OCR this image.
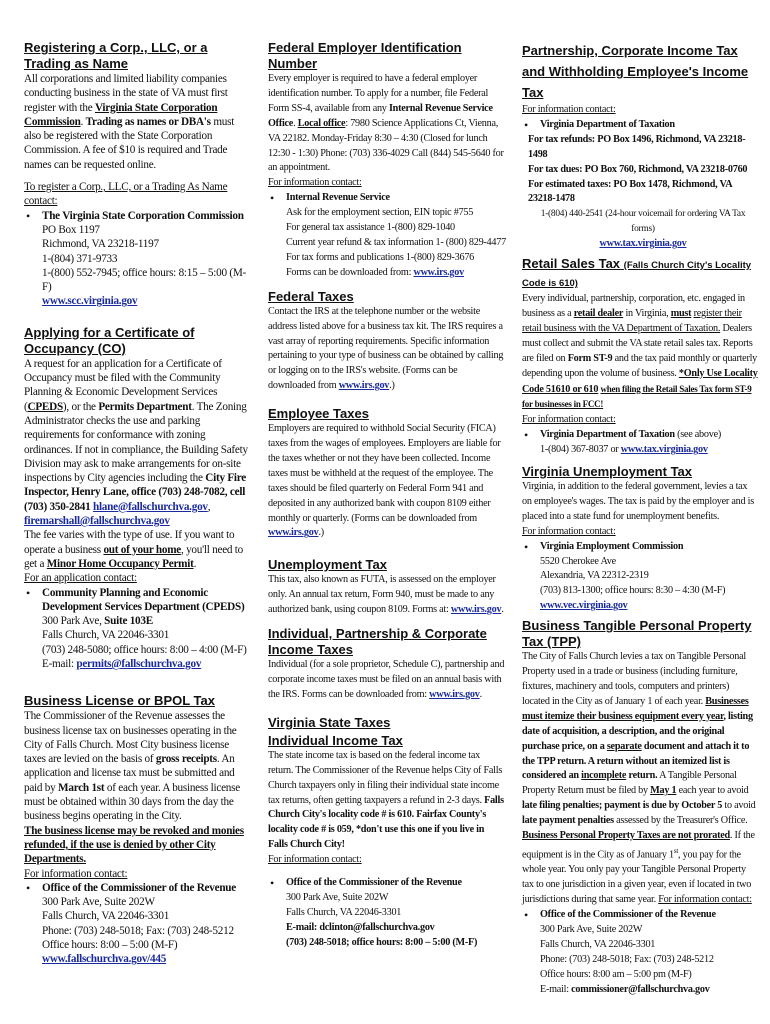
Registering a Corp., LLC, or a Trading as Name

All corporations and limited liability companies conducting business in the state of VA must first register with the Virginia State Corporation Commission. Trading as names or DBA's must also be registered with the State Corporation Commission. A fee of $10 is required and Trade names can be requested online.

To register a Corp., LLC, or a Trading As Name contact:

• The Virginia State Corporation Commission
PO Box 1197
Richmond, VA 23218-1197
1-(804) 371-9733
1-(800) 552-7945; office hours: 8:15 – 5:00 (M-F)
www.scc.virginia.gov
Applying for a Certificate of Occupancy (CO)

A request for an application for a Certificate of Occupancy must be filed with the Community Planning & Economic Development Services (CPEDS), or the Permits Department. The Zoning Administrator checks the use and parking requirements for conformance with zoning ordinances. If not in compliance, the Building Safety Division may ask to make arrangements for on-site inspections by City agencies including the City Fire Inspector, Henry Lane, office (703) 248-7082, cell (703) 350-2841 hlane@fallschurchva.gov, firemarshall@fallschurchva.gov

The fee varies with the type of use. If you want to operate a business out of your home, you'll need to get a Minor Home Occupancy Permit.

For an application contact:

• Community Planning and Economic Development Services Department (CPEDS)
300 Park Ave, Suite 103E
Falls Church, VA 22046-3301
(703) 248-5080; office hours: 8:00 – 4:00 (M-F)
E-mail: permits@fallschurchva.gov
Business License or BPOL Tax

The Commissioner of the Revenue assesses the business license tax on businesses operating in the City of Falls Church. Most City business license taxes are levied on the basis of gross receipts. An application and license tax must be submitted and paid by March 1st of each year. A business license must be obtained within 30 days from the day the business begins operating in the City.

The business license may be revoked and monies refunded, if the use is denied by other City Departments.

For information contact:

• Office of the Commissioner of the Revenue
300 Park Ave, Suite 202W
Falls Church, VA 22046-3301
Phone: (703) 248-5018; Fax: (703) 248-5212
Office hours: 8:00 – 5:00 (M-F)
www.fallschurchva.gov/445
Federal Employer Identification Number

Every employer is required to have a federal employer identification number. To apply for a number, file Federal Form SS-4, available from any Internal Revenue Service Office. Local office: 7980 Science Applications Ct, Vienna, VA 22182. Monday-Friday 8:30 – 4:30 (Closed for lunch 12:30 - 1:30) Phone: (703) 336-4029 Call (844) 545-5640 for an appointment.

For information contact:

• Internal Revenue Service
Ask for the employment section, EIN topic #755
For general tax assistance 1-(800) 829-1040
Current year refund & tax information 1- (800) 829-4477
For tax forms and publications 1-(800) 829-3676
Forms can be downloaded from: www.irs.gov
Federal Taxes

Contact the IRS at the telephone number or the website address listed above for a business tax kit. The IRS requires a vast array of reporting requirements. Specific information pertaining to your type of business can be obtained by calling or logging on to the IRS's website. (Forms can be downloaded from www.irs.gov.)

Employee Taxes

Employers are required to withhold Social Security (FICA) taxes from the wages of employees. Employers are liable for the taxes whether or not they have been collected. Income taxes must be withheld at the request of the employee. The taxes should be filed quarterly on Federal Form 941 and deposited in any authorized bank with coupon 8109 either monthly or quarterly. (Forms can be downloaded from www.irs.gov.)

Unemployment Tax

This tax, also known as FUTA, is assessed on the employer only. An annual tax return, Form 940, must be made to any authorized bank, using coupon 8109. Forms at: www.irs.gov.

Individual, Partnership & Corporate Income Taxes

Individual (for a sole proprietor, Schedule C), partnership and corporate income taxes must be filed on an annual basis with the IRS. Forms can be downloaded from: www.irs.gov.

Virginia State Taxes
Individual Income Tax

The state income tax is based on the federal income tax return. The Commissioner of the Revenue helps City of Falls Church taxpayers only in filing their individual state income tax returns, often getting taxpayers a refund in 2-3 days. Falls Church City's locality code # is 610. Fairfax County's locality code # is 059, *don't use this one if you live in Falls Church City!

For information contact:

• Office of the Commissioner of the Revenue
300 Park Ave, Suite 202W
Falls Church, VA 22046-3301
E-mail: dclinton@fallschurchva.gov
(703) 248-5018; office hours: 8:00 – 5:00 (M-F)
Partnership, Corporate Income Tax and Withholding Employee's Income Tax

For information contact:

• Virginia Department of Taxation
For tax refunds: PO Box 1496, Richmond, VA 23218-1498
For tax dues: PO Box 760, Richmond, VA 23218-0760
For estimated taxes: PO Box 1478, Richmond, VA 23218-1478
1-(804) 440-2541 (24-hour voicemail for ordering VA Tax forms)
www.tax.virginia.gov
Retail Sales Tax (Falls Church City's Locality Code is 610)

Every individual, partnership, corporation, etc. engaged in business as a retail dealer in Virginia, must register their retail business with the VA Department of Taxation. Dealers must collect and submit the VA state retail sales tax. Reports are filed on Form ST-9 and the tax paid monthly or quarterly depending upon the volume of business. *Only Use Locality Code 51610 or 610 when filing the Retail Sales Tax form ST-9 for businesses in FCC!

For information contact:

• Virginia Department of Taxation (see above)
1-(804) 367-8037 or www.tax.virginia.gov
Virginia Unemployment Tax

Virginia, in addition to the federal government, levies a tax on employee's wages. The tax is paid by the employer and is placed into a state fund for unemployment benefits.

For information contact:

• Virginia Employment Commission
5520 Cherokee Ave
Alexandria, VA 22312-2319
(703) 813-1300; office hours: 8:30 – 4:30 (M-F)
www.vec.virginia.gov
Business Tangible Personal Property Tax (TPP)

The City of Falls Church levies a tax on Tangible Personal Property used in a trade or business (including furniture, fixtures, machinery and tools, computers and printers) located in the City as of January 1 of each year. Businesses must itemize their business equipment every year, listing date of acquisition, a description, and the original purchase price, on a separate document and attach it to the TPP return. A return without an itemized list is considered an incomplete return. A Tangible Personal Property Return must be filed by May 1 each year to avoid late filing penalties; payment is due by October 5 to avoid late payment penalties assessed by the Treasurer's Office. Business Personal Property Taxes are not prorated. If the equipment is in the City as of January 1st, you pay for the whole year. You only pay your Tangible Personal Property tax to one jurisdiction in a given year, even if located in two jurisdictions during that same year. For information contact:

• Office of the Commissioner of the Revenue
300 Park Ave, Suite 202W
Falls Church, VA 22046-3301
Phone: (703) 248-5018; Fax: (703) 248-5212
Office hours: 8:00 am – 5:00 pm (M-F)
E-mail: commissioner@fallschurchva.gov
